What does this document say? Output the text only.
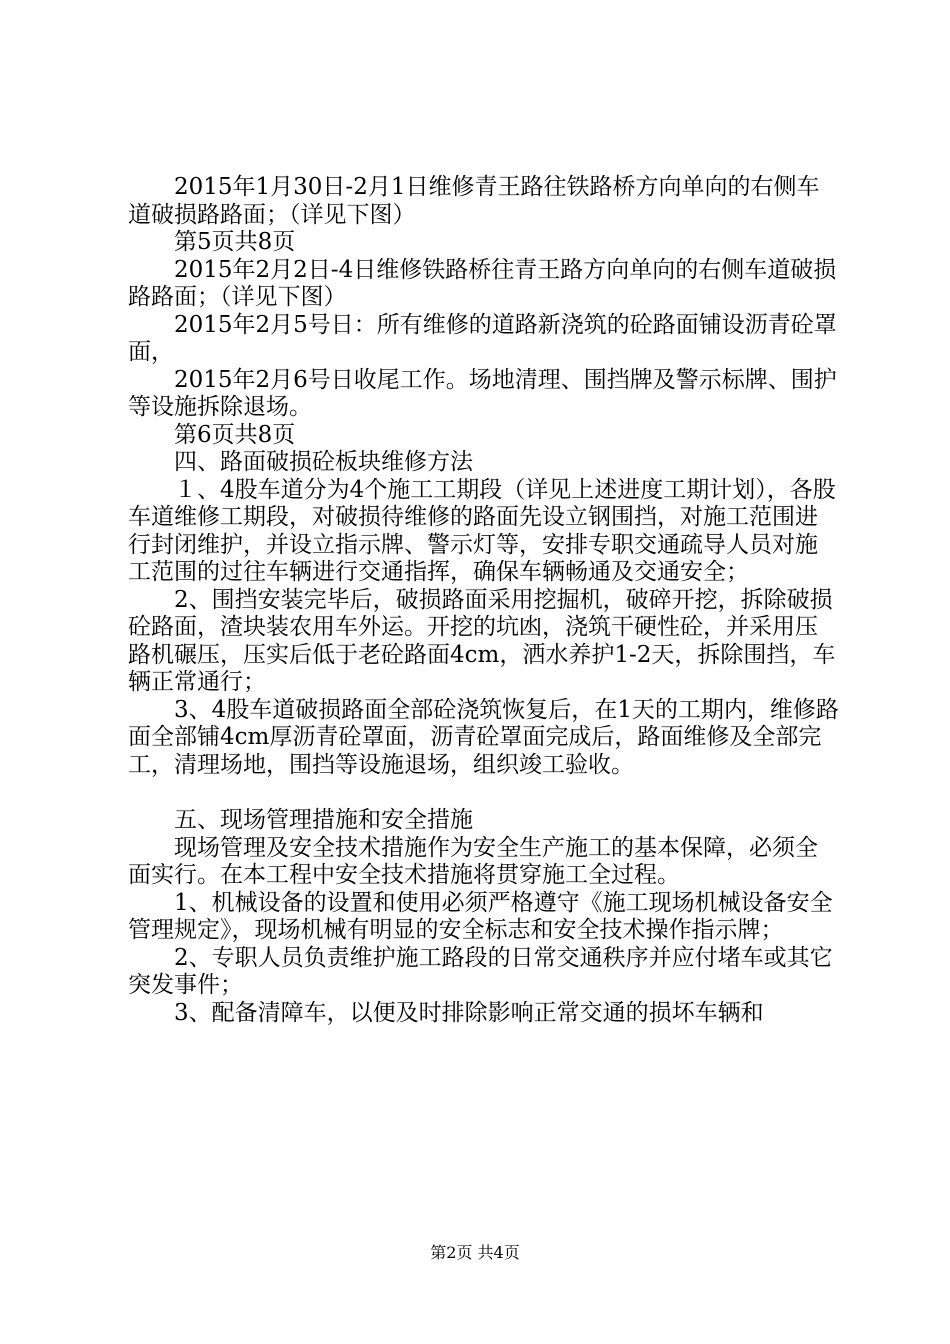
2015年1月30日-2月1日维修青王路往铁路桥方向单向的右侧车道破损路路面；（详见下图）

第5页共8页

2015年2月2日-4日维修铁路桥往青王路方向单向的右侧车道破损路路面；（详见下图）

2015年2月5号日：所有维修的道路新浇筑的砼路面铺设沥青砼罩面，

2015年2月6号日收尾工作。场地清理、围挡牌及警示标牌、围护等设施拆除退场。

第6页共8页

四、路面破损砼板块维修方法

１、4股车道分为4个施工工期段（详见上述进度工期计划），各股车道维修工期段，对破损待维修的路面先设立钢围挡，对施工范围进行封闭维护，并设立指示牌、警示灯等，安排专职交通疏导人员对施工范围的过往车辆进行交通指挥，确保车辆畅通及交通安全；

2、围挡安装完毕后，破损路面采用挖掘机，破碎开挖，拆除破损砼路面，渣块装农用车外运。开挖的坑凼，浇筑干硬性砼，并采用压路机碾压，压实后低于老砼路面4cm，洒水养护1-2天，拆除围挡，车辆正常通行；

3、4股车道破损路面全部砼浇筑恢复后，在1天的工期内，维修路面全部铺4cm厚沥青砼罩面，沥青砼罩面完成后，路面维修及全部完工，清理场地，围挡等设施退场，组织竣工验收。

五、现场管理措施和安全措施

现场管理及安全技术措施作为安全生产施工的基本保障，必须全面实行。在本工程中安全技术措施将贯穿施工全过程。

1、机械设备的设置和使用必须严格遵守《施工现场机械设备安全管理规定》，现场机械有明显的安全标志和安全技术操作指示牌；

2、专职人员负责维护施工路段的日常交通秩序并应付堵车或其它突发事件；

3、配备清障车，以便及时排除影响正常交通的损坏车辆和

第2页 共4页
